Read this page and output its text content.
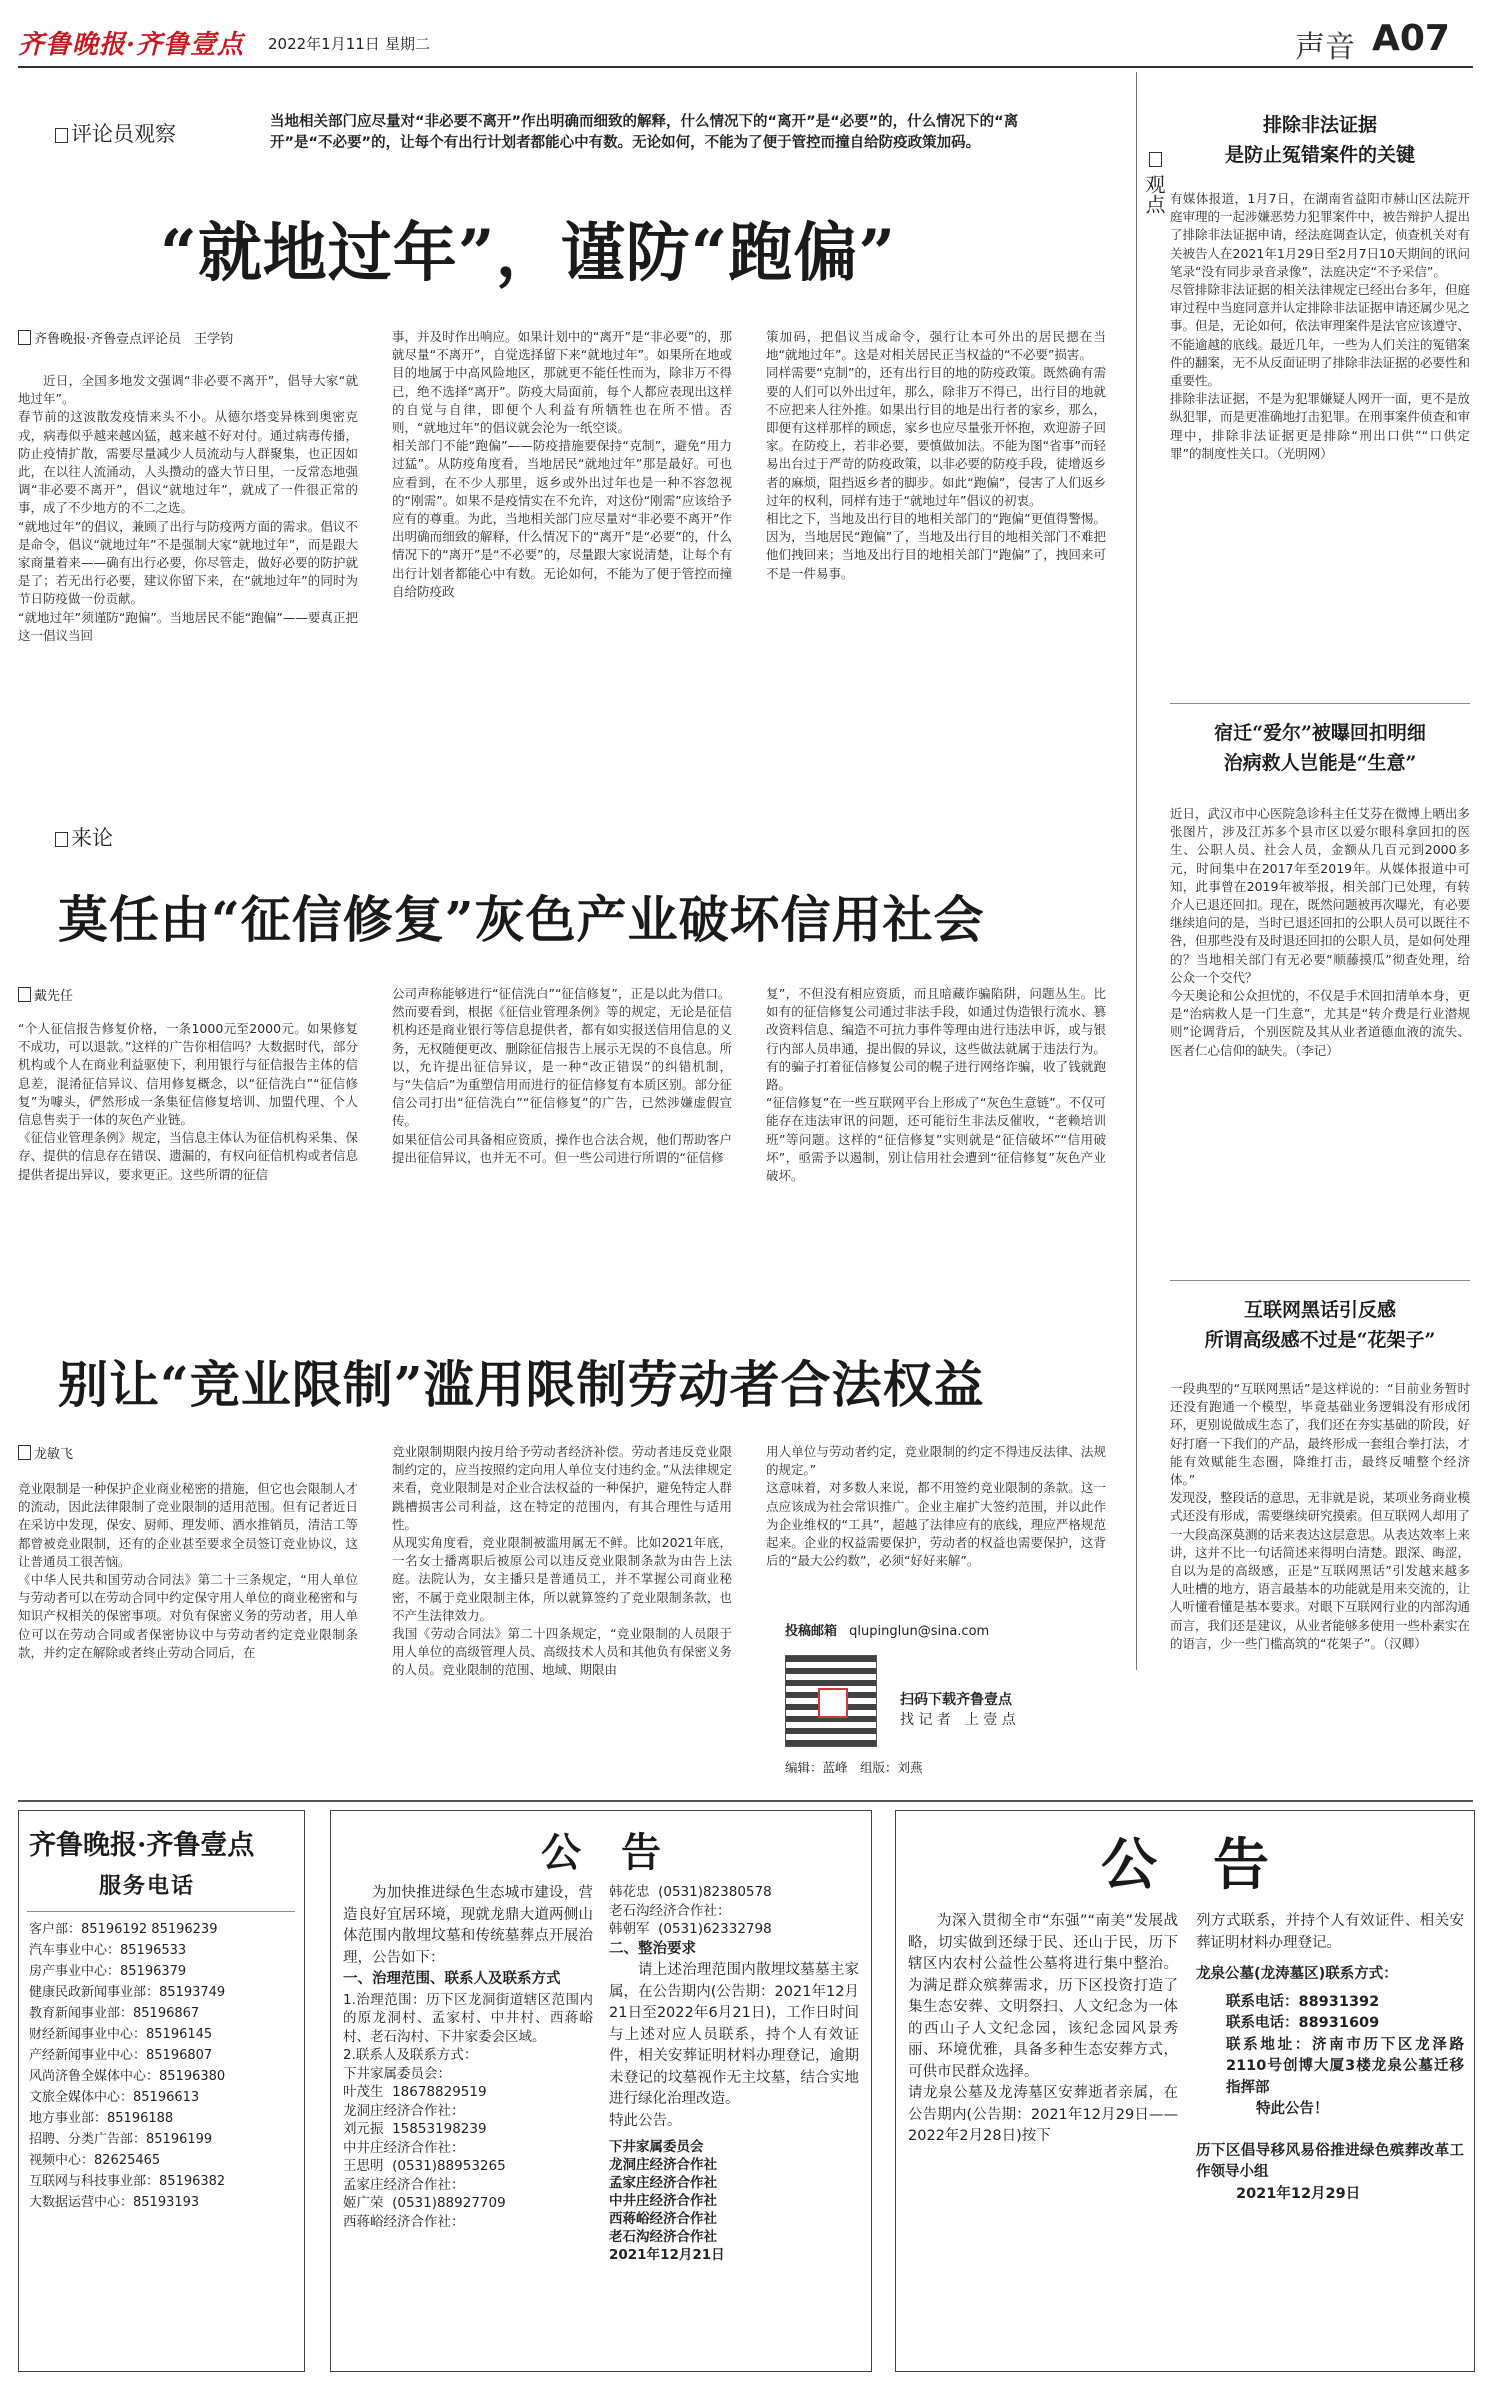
齐鲁晚报·齐鲁壹点 2022年1月11日 星期二	声音 A07
评论员观察	当地相关部门应尽量对“非必要不离开”作出明确而细致的解释，什么情况下的“离开”是“必要”的，什么情况下的“离开”是“不必要”的，让每个有出行计划者都能心中有数。无论如何，不能为了便于管控而撞自给防疫政策加码。
“就地过年”，谨防“跑偏”
齐鲁晚报·齐鲁壹点评论员　王学钧
近日，全国多地发文强调“非必要不离开”，倡导大家“就地过年”。
春节前的这波散发疫情来头不小。从德尔塔变异株到奥密克戎，病毒似乎越来越凶猛，越来越不好对付。通过病毒传播，防止疫情扩散，需要尽量减少人员流动与人群聚集，也正因如此，在以往人流涌动，人头攒动的盛大节日里，一反常态地强调“非必要不离开”，倡议“就地过年”，就成了一件很正常的事，成了不少地方的不二之选。
“就地过年”的倡议，兼顾了出行与防疫两方面的需求。倡议不是命令，倡议“就地过年”不是强制大家“就地过年”，而是跟大家商量着来——确有出行必要，你尽管走，做好必要的防护就是了；若无出行必要，建议你留下来，在“就地过年”的同时为节日防疫做一份贡献。
“就地过年”须谨防“跑偏”。当地居民不能“跑偏”——要真正把这一倡议当回
事，并及时作出响应。如果计划中的“离开”是“非必要”的，那就尽量“不离开”，自觉选择留下来“就地过年”。如果所在地或目的地属于中高风险地区，那就更不能任性而为，除非万不得已，绝不选择“离开”。防疫大局面前，每个人都应表现出这样的自觉与自律，即便个人利益有所牺牲也在所不惜。否则，“就地过年”的倡议就会沦为一纸空谈。
相关部门不能“跑偏”——防疫措施要保持“克制”，避免“用力过猛”。从防疫角度看，当地居民“就地过年”那是最好。可也应看到，在不少人那里，返乡或外出过年也是一种不容忽视的“刚需”。如果不是疫情实在不允许，对这份“刚需”应该给予应有的尊重。为此，当地相关部门应尽量对“非必要不离开”作出明确而细致的解释，什么情况下的“离开”是“必要”的，什么情况下的“离开”是“不必要”的，尽量跟大家说清楚，让每个有出行计划者都能心中有数。无论如何，不能为了便于管控而撞自给防疫政
策加码，把倡议当成命令，强行让本可外出的居民摁在当地“就地过年”。这是对相关居民正当权益的“不必要”损害。
同样需要“克制”的，还有出行目的地的防疫政策。既然确有需要的人们可以外出过年，那么，除非万不得已，出行目的地就不应把来人往外推。如果出行目的地是出行者的家乡，那么，即便有这样那样的顾虑，家乡也应尽量张开怀抱，欢迎游子回家。在防疫上，若非必要，要慎做加法。不能为图“省事”而轻易出台过于严苛的防疫政策，以非必要的防疫手段，徒增返乡者的麻烦，阻挡返乡者的脚步。如此“跑偏”，侵害了人们返乡过年的权利，同样有违于“就地过年”倡议的初衷。
相比之下，当地及出行目的地相关部门的“跑偏”更值得警惕。因为，当地居民“跑偏”了，当地及出行目的地相关部门不难把他们拽回来；当地及出行目的地相关部门“跑偏”了，拽回来可不是一件易事。
来论
莫任由“征信修复”灰色产业破坏信用社会
戴先任
“个人征信报告修复价格，一条1000元至2000元。如果修复不成功，可以退款。”这样的广告你相信吗？大数据时代，部分机构或个人在商业利益驱使下，利用银行与征信报告主体的信息差，混淆征信异议、信用修复概念，以“征信洗白”“征信修复”为噱头，俨然形成一条集征信修复培训、加盟代理、个人信息售卖于一体的灰色产业链。
《征信业管理条例》规定，当信息主体认为征信机构采集、保存、提供的信息存在错误、遗漏的，有权向征信机构或者信息提供者提出异议，要求更正。这些所谓的征信
公司声称能够进行“征信洗白”“征信修复”，正是以此为借口。
然而要看到，根据《征信业管理条例》等的规定，无论是征信机构还是商业银行等信息提供者，都有如实报送信用信息的义务，无权随便更改、删除征信报告上展示无误的不良信息。所以，允许提出征信异议，是一种“改正错误”的纠错机制，与“失信后”为重塑信用而进行的征信修复有本质区别。部分征信公司打出“征信洗白”“征信修复”的广告，已然涉嫌虚假宣传。
如果征信公司具备相应资质，操作也合法合规，他们帮助客户提出征信异议，也并无不可。但一些公司进行所谓的“征信修
复”，不但没有相应资质，而且暗藏诈骗陷阱，问题丛生。比如有的征信修复公司通过非法手段，如通过伪造银行流水、篡改资料信息、编造不可抗力事件等理由进行违法申诉，或与银行内部人员串通，提出假的异议，这些做法就属于违法行为。有的骗子打着征信修复公司的幌子进行网络诈骗，收了钱就跑路。
“征信修复”在一些互联网平台上形成了“灰色生意链”。不仅可能存在违法审讯的问题，还可能衍生非法反催收，“老赖培训班”等问题。这样的“征信修复”实则就是“征信破坏”“信用破坏”，亟需予以遏制，别让信用社会遭到“征信修复”灰色产业破坏。
别让“竞业限制”滥用限制劳动者合法权益
龙敏飞
竞业限制是一种保护企业商业秘密的措施，但它也会限制人才的流动，因此法律限制了竞业限制的适用范围。但有记者近日在采访中发现，保安、厨师、理发师、酒水推销员，清洁工等都曾被竞业限制，还有的企业甚至要求全员签订竞业协议，这让普通员工很苦恼。
《中华人民共和国劳动合同法》第二十三条规定，“用人单位与劳动者可以在劳动合同中约定保守用人单位的商业秘密和与知识产权相关的保密事项。对负有保密义务的劳动者，用人单位可以在劳动合同或者保密协议中与劳动者约定竞业限制条款，并约定在解除或者终止劳动合同后，在
竞业限制期限内按月给予劳动者经济补偿。劳动者违反竞业限制约定的，应当按照约定向用人单位支付违约金。”从法律规定来看，竞业限制是对企业合法权益的一种保护，避免特定人群跳槽损害公司利益，这在特定的范围内，有其合理性与适用性。
从现实角度看，竞业限制被滥用属无不鲜。比如2021年底，一名女士播离职后被原公司以违反竞业限制条款为由告上法庭。法院认为，女主播只是普通员工，并不掌握公司商业秘密，不属于竞业限制主体，所以就算签约了竞业限制条款，也不产生法律效力。
我国《劳动合同法》第二十四条规定，“竞业限制的人员限于用人单位的高级管理人员、高级技术人员和其他负有保密义务的人员。竞业限制的范围、地域、期限由
用人单位与劳动者约定，竞业限制的约定不得违反法律、法规的规定。”
这意味着，对多数人来说，都不用签约竞业限制的条款。这一点应该成为社会常识推广。企业主雇扩大签约范围，并以此作为企业维权的“工具”，超越了法律应有的底线，理应严格规范起来。企业的权益需要保护，劳动者的权益也需要保护，这背后的“最大公约数”，必须“好好来解”。
投稿邮箱 qlupinglun@sina.com
扫码下载齐鲁壹点
找 记 者　上 壹 点
编辑：蓝峰　组版：刘燕
观点
排除非法证据
是防止冤错案件的关键
有媒体报道，1月7日，在湖南省益阳市赫山区法院开庭审理的一起涉嫌恶势力犯罪案件中，被告辩护人提出了排除非法证据申请，经法庭调查认定，侦查机关对有关被告人在2021年1月29日至2月7日10天期间的讯问笔录“没有同步录音录像”，法庭决定“不予采信”。
尽管排除非法证据的相关法律规定已经出台多年，但庭审过程中当庭同意并认定排除非法证据申请还属少见之事。但是，无论如何，依法审理案件是法官应该遵守、不能逾越的底线。最近几年，一些为人们关注的冤错案件的翻案，无不从反面证明了排除非法证据的必要性和重要性。
排除非法证据，不是为犯罪嫌疑人网开一面，更不是放纵犯罪，而是更准确地打击犯罪。在刑事案件侦查和审理中，排除非法证据更是排除“刑出口供”“口供定罪”的制度性关口。（光明网）
宿迁“爱尔”被曝回扣明细
治病救人岂能是“生意”
近日，武汉市中心医院急诊科主任艾芬在微博上晒出多张图片，涉及江苏多个县市区以爱尔眼科拿回扣的医生、公职人员、社会人员，金额从几百元到2000多元，时间集中在2017年至2019年。从媒体报道中可知，此事曾在2019年被举报，相关部门已处理，有转介人已退还回扣。现在，既然问题被再次曝光，有必要继续追问的是，当时已退还回扣的公职人员可以既往不咎，但那些没有及时退还回扣的公职人员，是如何处理的？当地相关部门有无必要“顺藤摸瓜”彻查处理，给公众一个交代？
今天奥论和公众担忧的，不仅是手术回扣清单本身，更是“治病救人是一门生意”，尤其是“转介费是行业潜规则”论调背后，个别医院及其从业者道德血液的流失、医者仁心信仰的缺失。（李记）
互联网黑话引反感
所谓高级感不过是“花架子”
一段典型的“互联网黑话”是这样说的：“目前业务暂时还没有跑通一个模型，毕竟基础业务逻辑没有形成闭环，更别说做成生态了，我们还在夯实基础的阶段，好好打磨一下我们的产品，最终形成一套组合拳打法，才能有效赋能生态圈，降维打击，最终反哺整个经济体。”
发现没，整段话的意思，无非就是说，某项业务商业模式还没有形成，需要继续研究摸索。但互联网人却用了一大段高深莫测的话来表达这层意思。从表达效率上来讲，这并不比一句话简述来得明白清楚。跟深、晦涩，自以为是的高级感，正是“互联网黑话”引发越来越多人吐槽的地方，语言最基本的功能就是用来交流的，让人听懂看懂是基本要求。对眼下互联网行业的内部沟通而言，我们还是建议，从业者能够多使用一些朴素实在的语言，少一些门槛高筑的“花架子”。（汉卿）
齐鲁晚报·齐鲁壹点
服务电话
客户部：85196192 85196239
汽车事业中心：85196533
房产事业中心：85196379
健康民政新闻事业部：85193749
教育新闻事业部：85196867
财经新闻事业中心：85196145
产经新闻事业中心：85196807
风尚济鲁全媒体中心：85196380
文旅全媒体中心：85196613
地方事业部：85196188
招聘、分类广告部：85196199
视频中心：82625465
互联网与科技事业部：85196382
大数据运营中心：85193193
公　告
为加快推进绿色生态城市建设，营造良好宜居环境，现就龙鼎大道两侧山体范围内散埋坟墓和传统墓葬点开展治理，公告如下：
一、治理范围、联系人及联系方式
1.治理范围：历下区龙洞街道辖区范围内的原龙洞村、孟家村、中井村、西蒋峪村、老石沟村、下井家委会区域。
2.联系人及联系方式：
下井家属委员会：
叶茂生  18678829519
龙洞庄经济合作社：
刘元振  15853198239
中井庄经济合作社：
王思明  (0531)88953265
孟家庄经济合作社：
姬广荣  (0531)88927709
西蒋峪经济合作社：
韩花忠  (0531)82380578
老石沟经济合作社：
韩朝军  (0531)62332798
二、整治要求
请上述治理范围内散埋坟墓墓主家属，在公告期内(公告期：2021年12月21日至2022年6月21日)，工作日时间与上述对应人员联系，持个人有效证件，相关安葬证明材料办理登记，逾期未登记的坟墓视作无主坟墓，结合实地进行绿化治理改造。
特此公告。
下井家属委员会
龙洞庄经济合作社
孟家庄经济合作社
中井庄经济合作社
西蒋峪经济合作社
老石沟经济合作社
2021年12月21日
公　告
为深入贯彻全市“东强”“南美”发展战略，切实做到还绿于民、还山于民，历下辖区内农村公益性公墓将进行集中整治。为满足群众殡葬需求，历下区投资打造了集生态安葬、文明祭扫、人文纪念为一体的西山子人文纪念园，该纪念园风景秀丽、环境优雅，具备多种生态安葬方式，可供市民群众选择。
请龙泉公墓及龙涛墓区安葬逝者亲属，在公告期内(公告期：2021年12月29日——2022年2月28日)按下
列方式联系，并持个人有效证件、相关安葬证明材料办理登记。
龙泉公墓(龙涛墓区)联系方式：
联系电话：88931392
联系电话：88931609
联系地址：济南市历下区龙泽路2110号创博大厦3楼龙泉公墓迁移指挥部
特此公告！
历下区倡导移风易俗推进绿色殡葬改革工作领导小组
2021年12月29日
